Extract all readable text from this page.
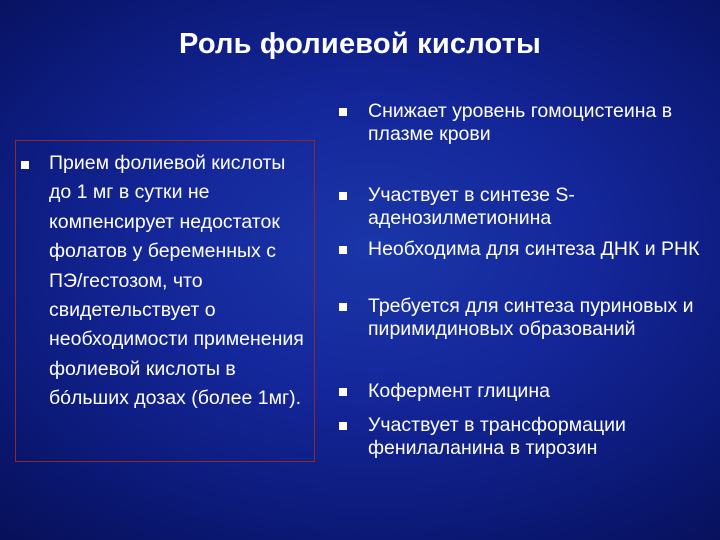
Роль фолиевой кислоты
Прием фолиевой кислоты до 1 мг в сутки не компенсирует недостаток фолатов у беременных с ПЭ/гестозом, что свидетельствует о необходимости применения фолиевой кислоты в бóльших дозах (более 1мг).
Снижает уровень гомоцистеина в плазме крови
Участвует в синтезе S-аденозилметионина
Необходима для синтеза ДНК и РНК
Требуется для синтеза пуриновых и пиримидиновых образований
Кофермент глицина
Участвует в трансформации фенилаланина в тирозин
